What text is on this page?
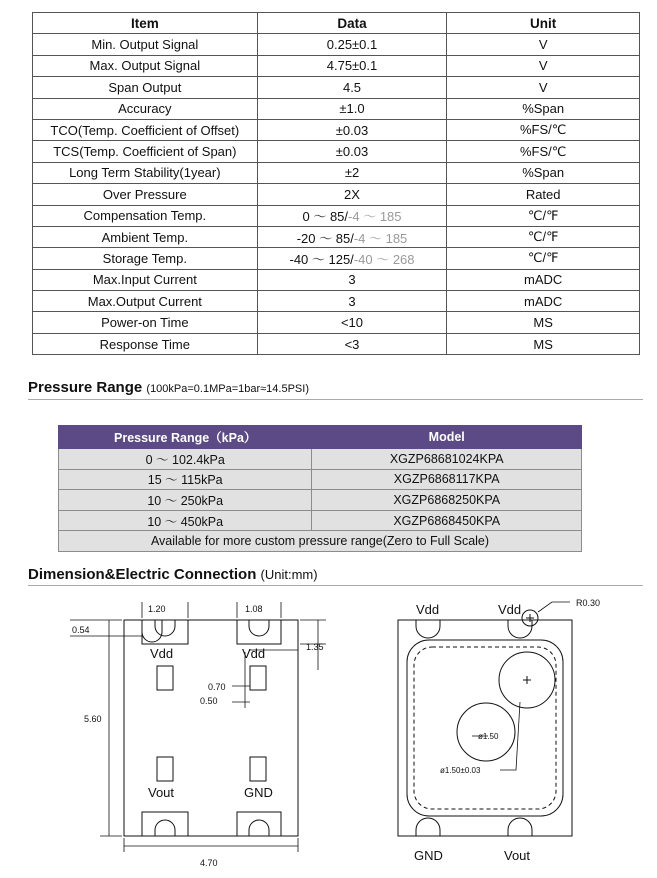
Item	Data	Unit
Min. Output Signal	0.25±0.1	V
Max. Output Signal	4.75±0.1	V
Span Output	4.5	V
Accuracy	±1.0	%Span
TCO(Temp. Coefficient of Offset)	±0.03	%FS/℃
TCS(Temp. Coefficient of Span)	±0.03	%FS/℃
Long Term Stability(1year)	±2	%Span
Over Pressure	2X	Rated
Compensation Temp.	0 ～ 85/-4 ～ 185	℃/℉
Ambient Temp.	-20 ～ 85/-4 ～ 185	℃/℉
Storage Temp.	-40 ～ 125/-40 ～ 268	℃/℉
Max.Input Current	3	mADC
Max.Output Current	3	mADC
Power-on Time	<10	MS
Response Time	<3	MS
Pressure Range (100kPa=0.1MPa=1bar≈14.5PSI)
Pressure Range（kPa）	Model
0 ～ 102.4kPa	XGZP68681024KPA
15 ～ 115kPa	XGZP6868117KPA
10 ～ 250kPa	XGZP6868250KPA
10 ～ 450kPa	XGZP6868450KPA
Available for more custom pressure range(Zero to Full Scale)	
Dimension&Electric Connection (Unit:mm)
1.20	1.08
0.54
1.35
0.70
0.50
5.60
4.70
R0.30
ø1.50
ø1.50±0.03
Vdd	Vdd
Vout	GND
Vdd	Vdd
GND	Vout
